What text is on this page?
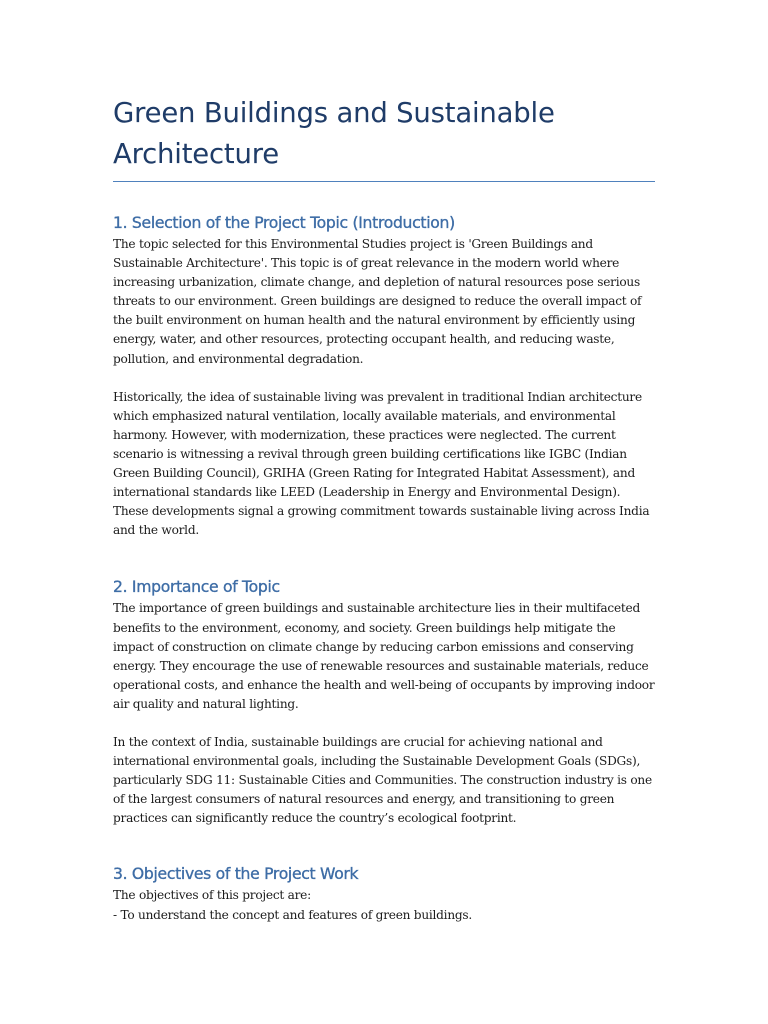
Green Buildings and Sustainable Architecture
1. Selection of the Project Topic (Introduction)

The topic selected for this Environmental Studies project is 'Green Buildings and
Sustainable Architecture'. This topic is of great relevance in the modern world where
increasing urbanization, climate change, and depletion of natural resources pose serious
threats to our environment. Green buildings are designed to reduce the overall impact of
the built environment on human health and the natural environment by efficiently using
energy, water, and other resources, protecting occupant health, and reducing waste,
pollution, and environmental degradation.

Historically, the idea of sustainable living was prevalent in traditional Indian architecture
which emphasized natural ventilation, locally available materials, and environmental
harmony. However, with modernization, these practices were neglected. The current
scenario is witnessing a revival through green building certifications like IGBC (Indian
Green Building Council), GRIHA (Green Rating for Integrated Habitat Assessment), and
international standards like LEED (Leadership in Energy and Environmental Design).
These developments signal a growing commitment towards sustainable living across India
and the world.

2. Importance of Topic

The importance of green buildings and sustainable architecture lies in their multifaceted
benefits to the environment, economy, and society. Green buildings help mitigate the
impact of construction on climate change by reducing carbon emissions and conserving
energy. They encourage the use of renewable resources and sustainable materials, reduce
operational costs, and enhance the health and well-being of occupants by improving indoor
air quality and natural lighting.

In the context of India, sustainable buildings are crucial for achieving national and
international environmental goals, including the Sustainable Development Goals (SDGs),
particularly SDG 11: Sustainable Cities and Communities. The construction industry is one
of the largest consumers of natural resources and energy, and transitioning to green
practices can significantly reduce the country’s ecological footprint.

3. Objectives of the Project Work

The objectives of this project are:
- To understand the concept and features of green buildings.
